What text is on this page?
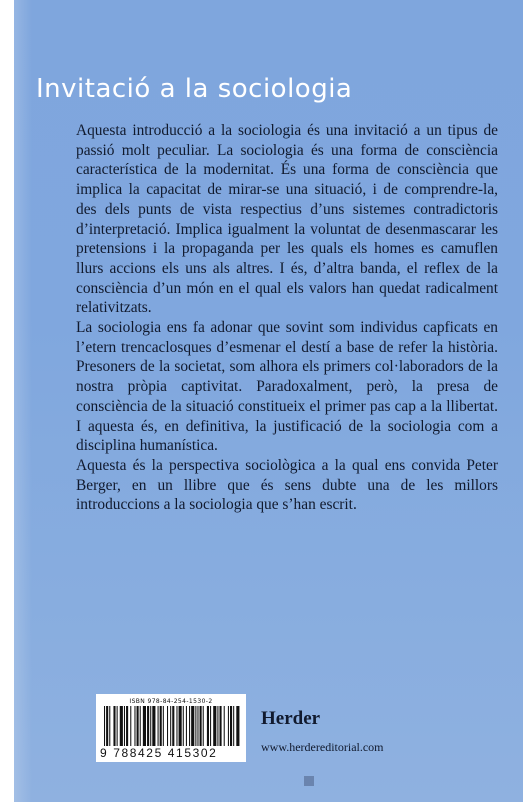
Invitació a la sociologia

Aquesta introducció a la sociologia és una invitació a un tipus de passió molt peculiar. La sociologia és una forma de consciència característica de la modernitat. És una forma de consciència que implica la capacitat de mirar-se una situació, i de comprendre-la, des dels punts de vista respectius d’uns sistemes contradictoris d’interpretació. Implica igualment la voluntat de desenmascarar les pretensions i la propaganda per les quals els homes es camuflen llurs accions els uns als altres. I és, d’altra banda, el reflex de la consciència d’un món en el qual els valors han quedat radicalment relativitzats.

La sociologia ens fa adonar que sovint som individus capficats en l’etern trencaclosques d’esmenar el destí a base de refer la història. Presoners de la societat, som alhora els primers col·laboradors de la nostra pròpia captivitat. Paradoxalment, però, la presa de consciència de la situació constitueix el primer pas cap a la llibertat. I aquesta és, en definitiva, la justificació de la sociologia com a disciplina humanística.

Aquesta és la perspectiva sociològica a la qual ens convida Peter Berger, en un llibre que és sens dubte una de les millors introduccions a la sociologia que s’han escrit.

ISBN 978-84-254-1530-2
9 788425 415302
Herder
www.herdereditorial.com
